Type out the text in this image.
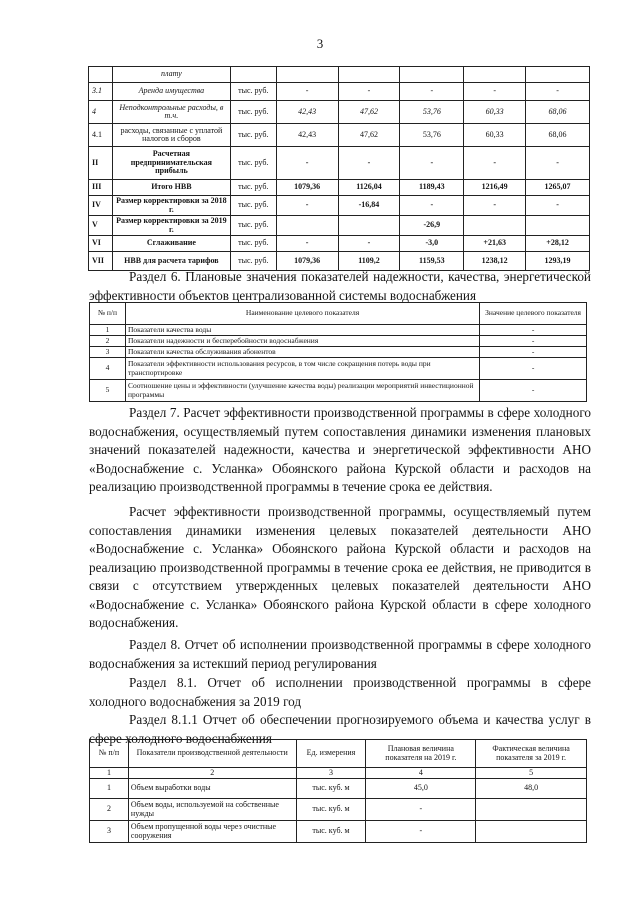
3
	плату						
3.1	Аренда имущества	тыс. руб.	-	-	-	-	-
4	Неподконтрольные расходы, в т.ч.	тыс. руб.	42,43	47,62	53,76	60,33	68,06
4.1	расходы, связанные с уплатой налогов и сборов	тыс. руб.	42,43	47,62	53,76	60,33	68,06
II	Расчетная предпринимательская прибыль	тыс. руб.	-	-	-	-	-
III	Итого НВВ	тыс. руб.	1079,36	1126,04	1189,43	1216,49	1265,07
IV	Размер корректировки за 2018 г.	тыс. руб.	-	-16,84	-	-	-
V	Размер корректировки за 2019 г.	тыс. руб.			-26,9		
VI	Сглаживание	тыс. руб.	-	-	-3,0	+21,63	+28,12
VII	НВВ для расчета тарифов	тыс. руб.	1079,36	1109,2	1159,53	1238,12	1293,19
Раздел 6. Плановые значения показателей надежности, качества, энергетической эффективности объектов централизованной системы водоснабжения
№ п/п	Наименование целевого показателя	Значение целевого показателя
1	Показатели качества воды	-
2	Показатели надежности и бесперебойности водоснабжения	-
3	Показатели качества обслуживания абонентов	-
4	Показатели эффективности использования ресурсов, в том числе сокращения потерь воды при транспортировке	-
5	Соотношение цены и эффективности (улучшение качества воды) реализации мероприятий инвестиционной программы	-
Раздел 7. Расчет эффективности производственной программы в сфере холодного водоснабжения, осуществляемый путем сопоставления динамики изменения плановых значений показателей надежности, качества и энергетической эффективности АНО «Водоснабжение с. Усланка» Обоянского района Курской области и расходов на реализацию производственной программы в течение срока ее действия.
Расчет эффективности производственной программы, осуществляемый путем сопоставления динамики изменения целевых показателей деятельности АНО «Водоснабжение с. Усланка» Обоянского района Курской области и расходов на реализацию производственной программы в течение срока ее действия, не приводится в связи с отсутствием утвержденных целевых показателей деятельности АНО «Водоснабжение с. Усланка» Обоянского района Курской области в сфере холодного водоснабжения.
Раздел 8. Отчет об исполнении производственной программы в сфере холодного водоснабжения за истекший период регулирования
Раздел 8.1. Отчет об исполнении производственной программы в сфере холодного водоснабжения за 2019 год
Раздел 8.1.1 Отчет об обеспечении прогнозируемого объема и качества услуг в сфере холодного водоснабжения
№ п/п	Показатели производственной деятельности	Ед. измерения	Плановая величина показателя на 2019 г.	Фактическая величина показателя за 2019 г.
1	2	3	4	5
1	Объем выработки воды	тыс. куб. м	45,0	48,0
2	Объем воды, используемой на собственные нужды	тыс. куб. м	-	
3	Объем пропущенной воды через очистные сооружения	тыс. куб. м	-	
